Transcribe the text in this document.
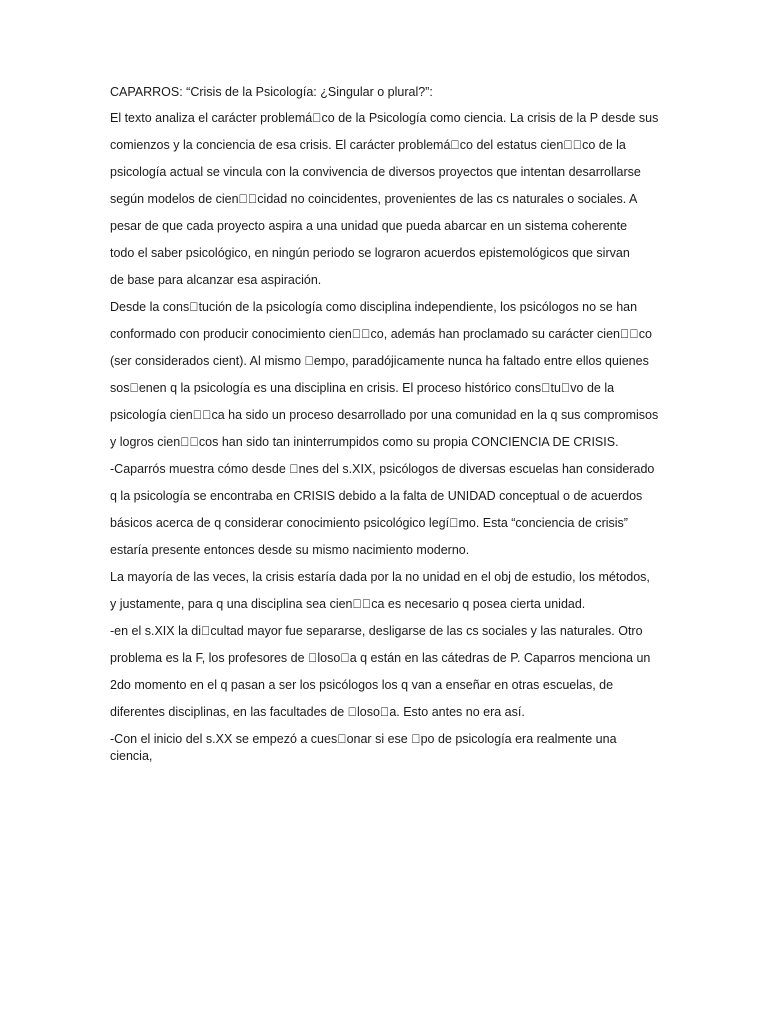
CAPARROS: “Crisis de la Psicología: ¿Singular o plural?”:

El texto analiza el carácter problemá􏰀co de la Psicología como ciencia. La crisis de la P desde sus

comienzos y la conciencia de esa crisis. El carácter problemá􏰀co del estatus cien􏰁􏰂co de la

psicología actual se vincula con la convivencia de diversos proyectos que intentan desarrollarse

según modelos de cien􏰀􏰂cidad no coincidentes, provenientes de las cs naturales o sociales. A

pesar de que cada proyecto aspira a una unidad que pueda abarcar en un sistema coherente

todo el saber psicológico, en ningún periodo se lograron acuerdos epistemológicos que sirvan

de base para alcanzar esa aspiración.

Desde la cons􏰀tución de la psicología como disciplina independiente, los psicólogos no se han

conformado con producir conocimiento cien􏰁􏰂co, además han proclamado su carácter cien􏰁􏰂co

(ser considerados cient). Al mismo 􏰀empo, paradójicamente nunca ha faltado entre ellos quienes

sos􏰀enen q la psicología es una disciplina en crisis. El proceso histórico cons􏰀tu􏰀vo de la

psicología cien􏰁􏰂ca ha sido un proceso desarrollado por una comunidad en la q sus compromisos

y logros cien􏰁􏰂cos han sido tan ininterrumpidos como su propia CONCIENCIA DE CRISIS.

-Caparrós muestra cómo desde 􏰂nes del s.XIX, psicólogos de diversas escuelas han considerado

q la psicología se encontraba en CRISIS debido a la falta de UNIDAD conceptual o de acuerdos

básicos acerca de q considerar conocimiento psicológico legí􏰀mo. Esta “conciencia de crisis”

estaría presente entonces desde su mismo nacimiento moderno.

La mayoría de las veces, la crisis estaría dada por la no unidad en el obj de estudio, los métodos,

y justamente, para q una disciplina sea cien􏰁􏰂ca es necesario q posea cierta unidad.

-en el s.XIX la di􏰂cultad mayor fue separarse, desligarse de las cs sociales y las naturales. Otro

problema es la F, los profesores de 􏰂loso􏰃a q están en las cátedras de P. Caparros menciona un

2do momento en el q pasan a ser los psicólogos los q van a enseñar en otras escuelas, de

diferentes disciplinas, en las facultades de 􏰂loso􏰃a. Esto antes no era así.

-Con el inicio del s.XX se empezó a cues􏰀onar si ese 􏰀po de psicología era realmente una ciencia,
